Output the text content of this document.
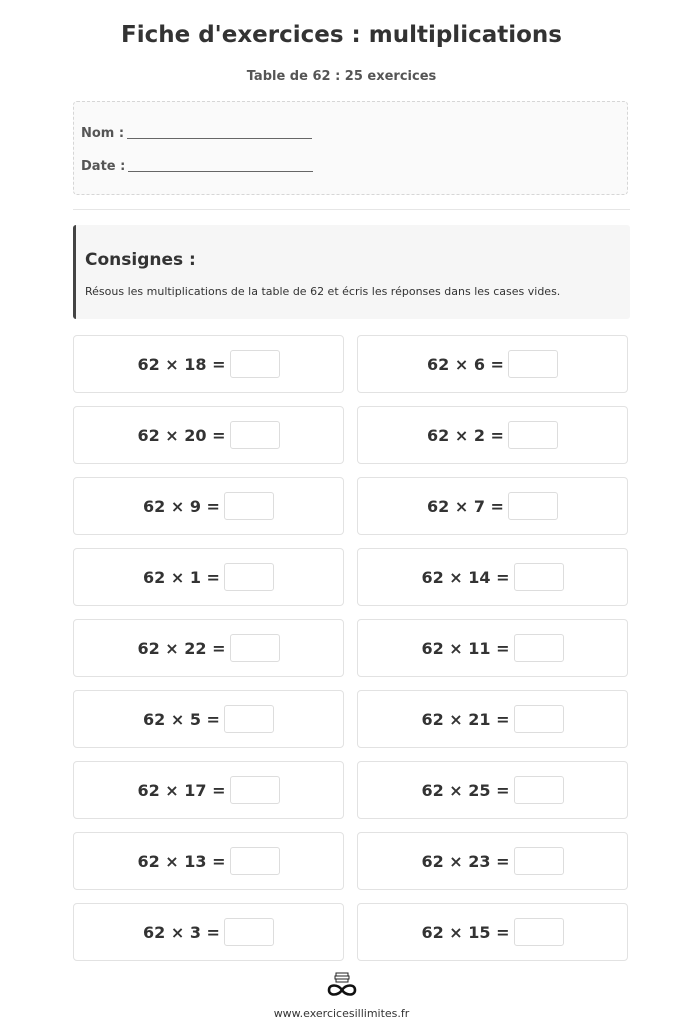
Fiche d'exercices : multiplications
Table de 62 : 25 exercices
Nom :
Date :
Consignes :

Résous les multiplications de la table de 62 et écris les réponses dans les cases vides.

62 × 18 =	62 × 6 =
62 × 20 =	62 × 2 =
62 × 9 =	62 × 7 =
62 × 1 =	62 × 14 =
62 × 22 =	62 × 11 =
62 × 5 =	62 × 21 =
62 × 17 =	62 × 25 =
62 × 13 =	62 × 23 =
62 × 3 =	62 × 15 =
www.exercicesillimites.fr
